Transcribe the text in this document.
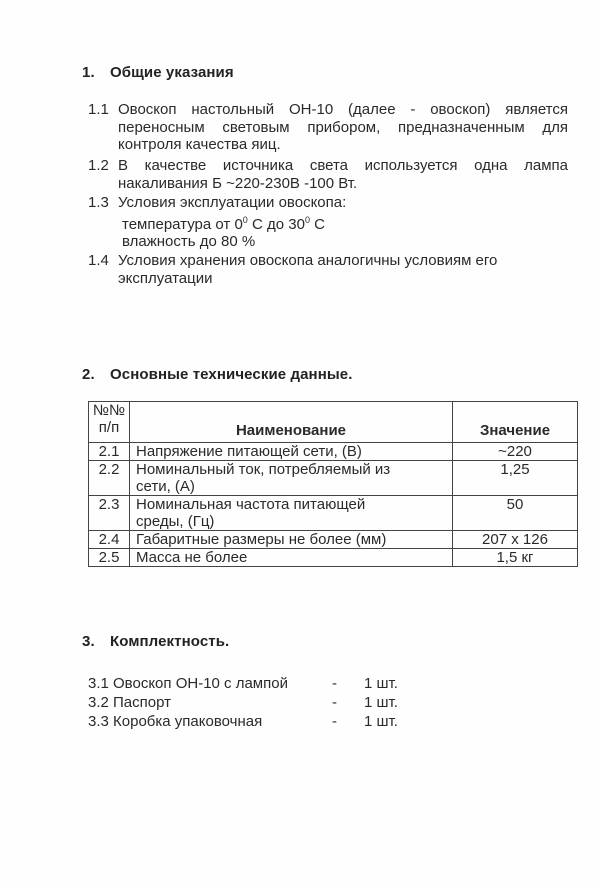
1. Общие указания
1.1 Овоскоп настольный ОН-10 (далее - овоскоп) является
переносным световым прибором, предназначенным для
контроля качества яиц.
1.2 В качестве источника света используется одна лампа
накаливания Б ~220-230В -100 Вт.
1.3 Условия эксплуатации овоскопа:
температура от $0^0$ С до $30^0$ С
влажность до 80 %
1.4 Условия хранения овоскопа аналогичны условиям его
эксплуатации
2. Основные технические данные.
№№
п/п	Наименование	Значение
2.1	Напряжение питающей сети, (В)	~220
2.2	Номинальный ток, потребляемый из
сети, (А)	1,25
2.3	Номинальная частота питающей
среды, (Гц)	50
2.4	Габаритные размеры не более (мм)	207 х 126
2.5	Масса не более	1,5 кг
3. Комплектность.
3.1 Овоскоп ОН-10 с лампой	- 1 шт.
3.2 Паспорт	- 1 шт.
3.3 Коробка упаковочная	- 1 шт.
